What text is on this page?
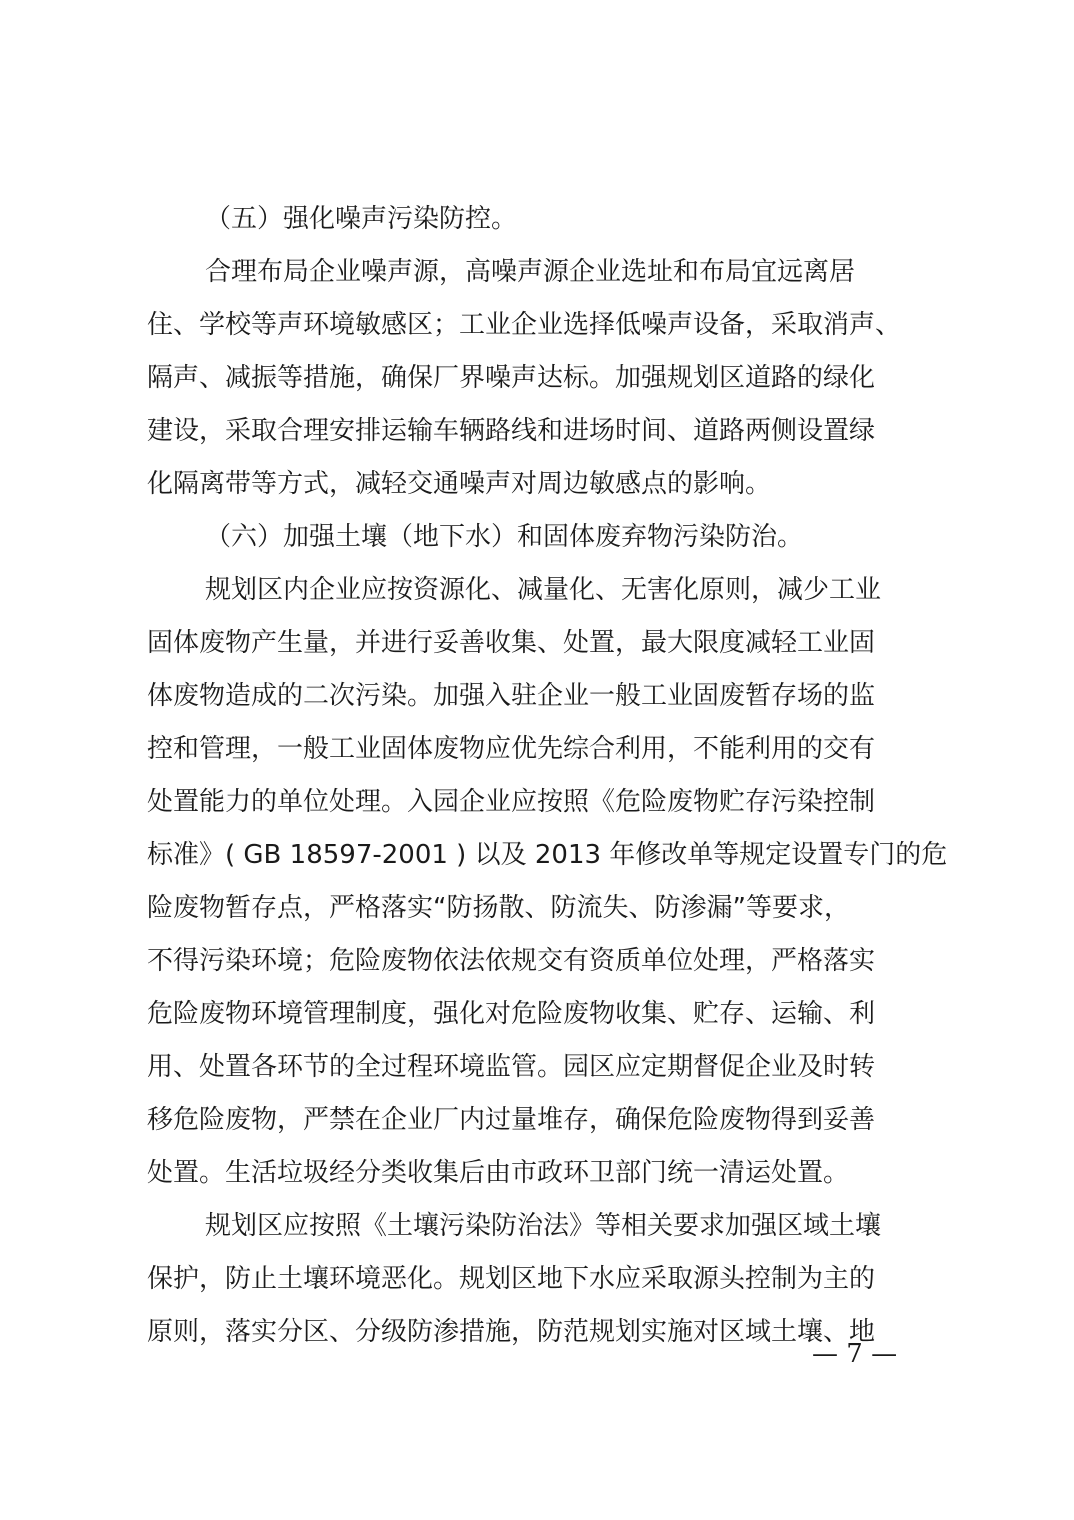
（五）强化噪声污染防控。
合理布局企业噪声源，高噪声源企业选址和布局宜远离居
住、学校等声环境敏感区；工业企业选择低噪声设备，采取消声、
隔声、减振等措施，确保厂界噪声达标。加强规划区道路的绿化
建设，采取合理安排运输车辆路线和进场时间、道路两侧设置绿
化隔离带等方式，减轻交通噪声对周边敏感点的影响。
（六）加强土壤（地下水）和固体废弃物污染防治。
规划区内企业应按资源化、减量化、无害化原则，减少工业
固体废物产生量，并进行妥善收集、处置，最大限度减轻工业固
体废物造成的二次污染。加强入驻企业一般工业固废暂存场的监
控和管理，一般工业固体废物应优先综合利用，不能利用的交有
处置能力的单位处理。入园企业应按照《危险废物贮存污染控制
标准》( GB 18597-2001 ) 以及 2013 年修改单等规定设置专门的危
险废物暂存点，严格落实“防扬散、防流失、防渗漏”等要求，
不得污染环境；危险废物依法依规交有资质单位处理，严格落实
危险废物环境管理制度，强化对危险废物收集、贮存、运输、利
用、处置各环节的全过程环境监管。园区应定期督促企业及时转
移危险废物，严禁在企业厂内过量堆存，确保危险废物得到妥善
处置。生活垃圾经分类收集后由市政环卫部门统一清运处置。
规划区应按照《土壤污染防治法》等相关要求加强区域土壤
保护，防止土壤环境恶化。规划区地下水应采取源头控制为主的
原则，落实分区、分级防渗措施，防范规划实施对区域土壤、地
— 7 —
